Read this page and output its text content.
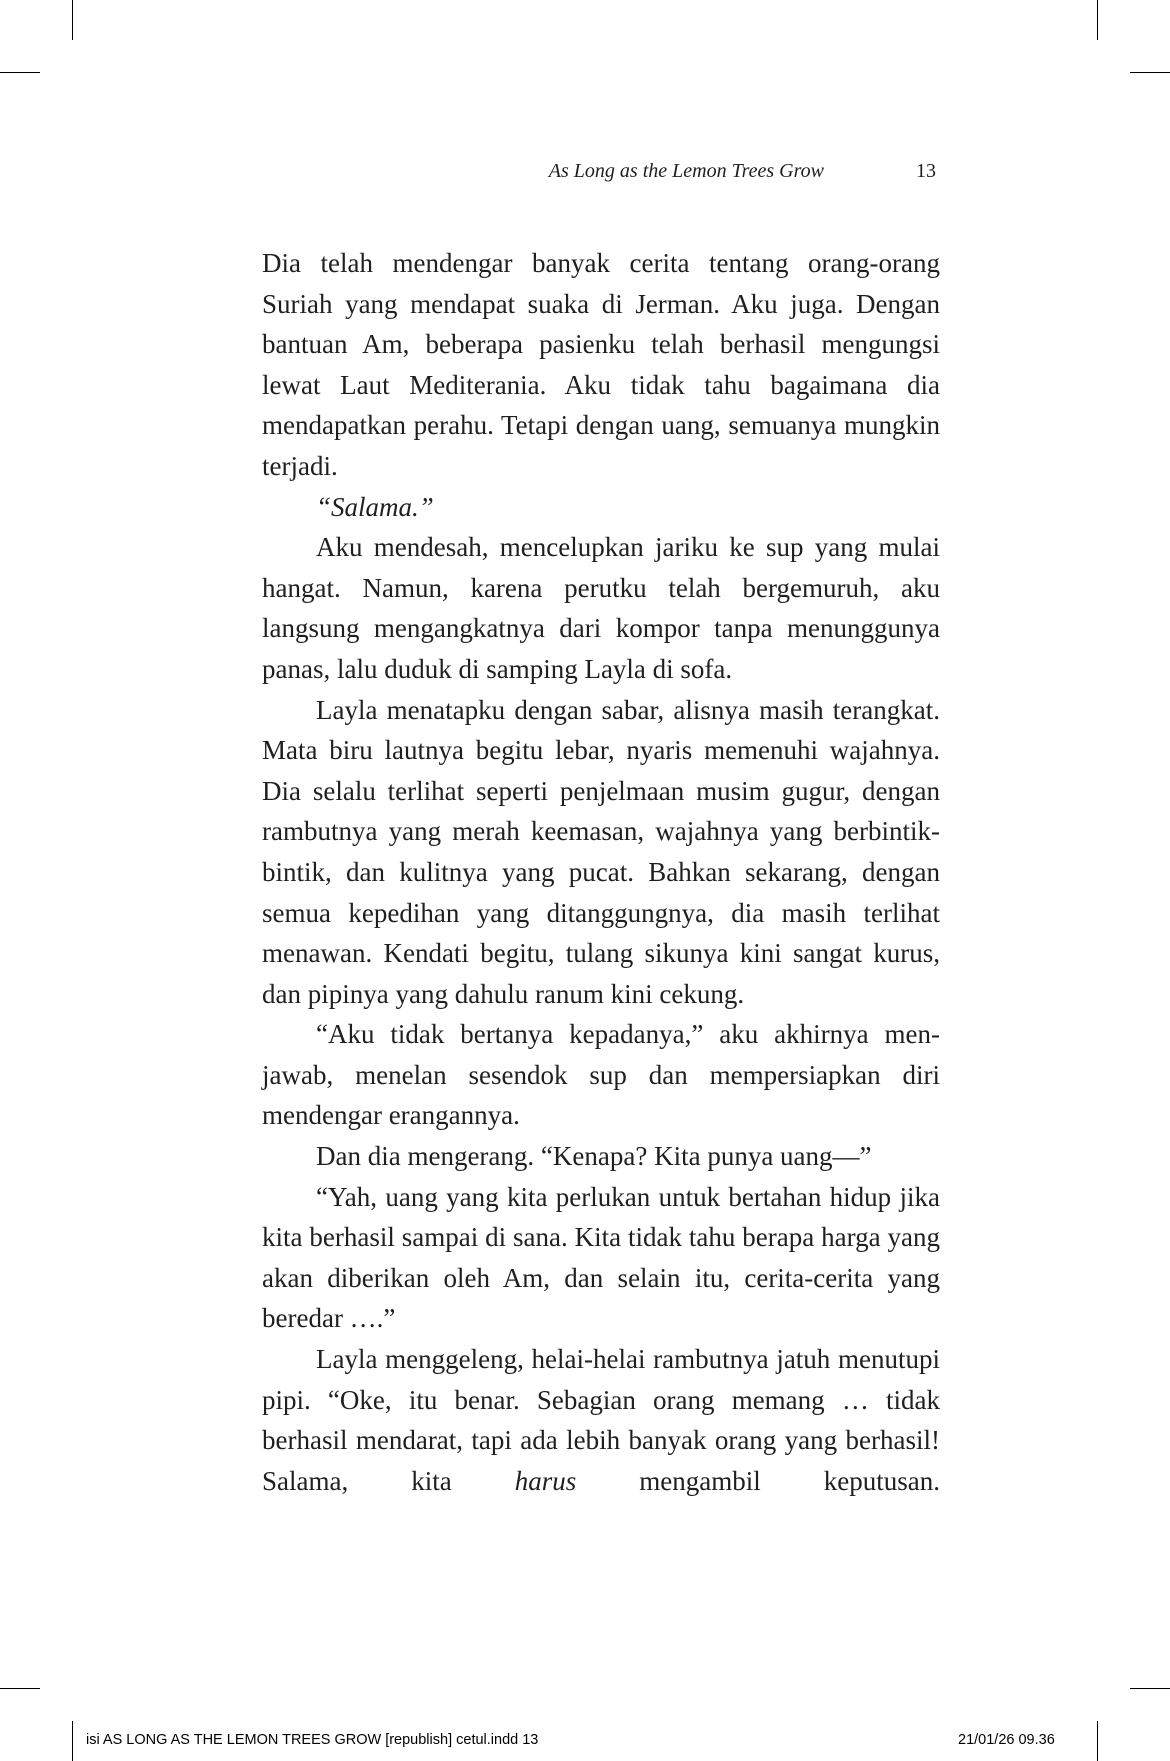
As Long as the Lemon Trees Grow	13

Dia telah mendengar banyak cerita tentang orang-orang Suriah yang mendapat suaka di Jerman. Aku juga. Dengan bantuan Am, beberapa pasienku telah berhasil mengungsi lewat Laut Mediterania. Aku tidak tahu bagaimana dia mendapatkan perahu. Tetapi dengan uang, semuanya mungkin terjadi.

“Salama.”

Aku mendesah, mencelupkan jariku ke sup yang mulai hangat. Namun, karena perutku telah bergemuruh, aku langsung mengangkatnya dari kompor tanpa menunggunya panas, lalu duduk di samping Layla di sofa.

Layla menatapku dengan sabar, alisnya masih terangkat. Mata biru lautnya begitu lebar, nyaris memenuhi wajahnya. Dia selalu terlihat seperti penjelmaan musim gugur, dengan rambutnya yang merah keemasan, wajahnya yang berbintik-bintik, dan kulitnya yang pucat. Bahkan sekarang, dengan semua kepedihan yang ditanggungnya, dia masih terlihat menawan. Kendati begitu, tulang sikunya kini sangat kurus, dan pipinya yang dahulu ranum kini cekung.

“Aku tidak bertanya kepadanya,” aku akhirnya menjawab, menelan sesendok sup dan mempersiapkan diri mendengar erangannya.

Dan dia mengerang. “Kenapa? Kita punya uang—”

“Yah, uang yang kita perlukan untuk bertahan hidup jika kita berhasil sampai di sana. Kita tidak tahu berapa harga yang akan diberikan oleh Am, dan selain itu, cerita-cerita yang beredar ….”

Layla menggeleng, helai-helai rambutnya jatuh menutupi pipi. “Oke, itu benar. Sebagian orang memang … tidak berhasil mendarat, tapi ada lebih banyak orang yang berhasil! Salama, kita harus mengambil keputusan.

isi AS LONG AS THE LEMON TREES GROW [republish] cetul.indd 13	21/01/26 09.36
